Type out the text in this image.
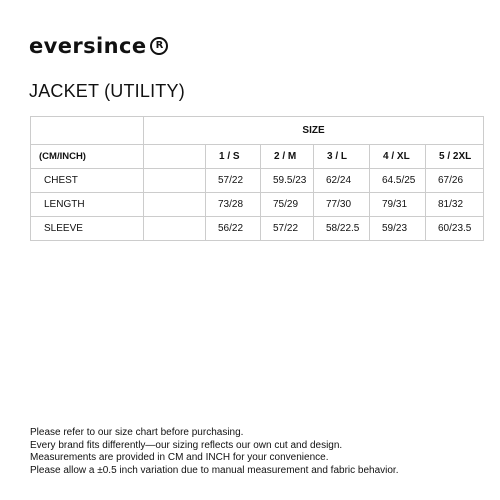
eversince R
JACKET (UTILITY)
	SIZE					
(CM/INCH)		1 / S	2 / M	3 / L	4 / XL	5 / 2XL
CHEST		57/22	59.5/23	62/24	64.5/25	67/26
LENGTH		73/28	75/29	77/30	79/31	81/32
SLEEVE		56/22	57/22	58/22.5	59/23	60/23.5
Please refer to our size chart before purchasing.
Every brand fits differently—our sizing reflects our own cut and design.
Measurements are provided in CM and INCH for your convenience.
Please allow a ±0.5 inch variation due to manual measurement and fabric behavior.
